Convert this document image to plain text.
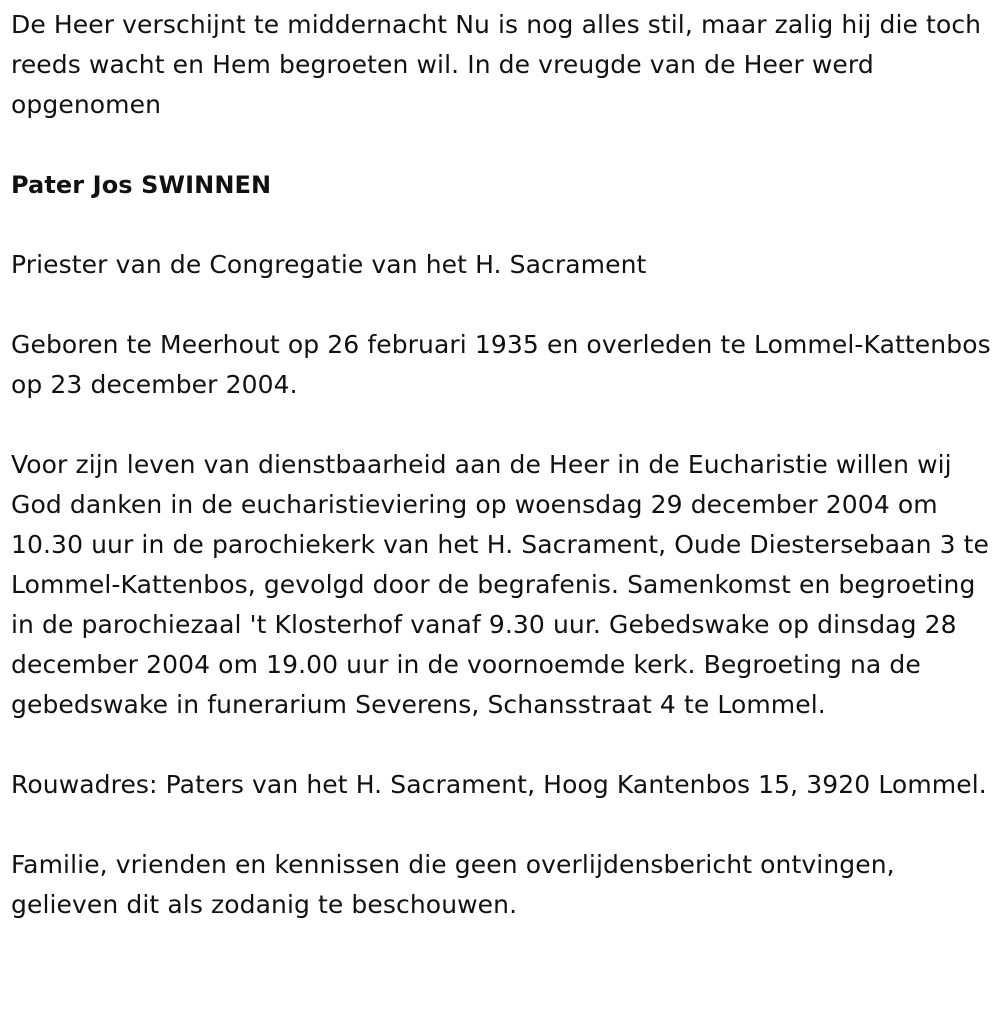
De Heer verschijnt te middernacht Nu is nog alles stil, maar zalig hij die toch reeds wacht en Hem begroeten wil. In de vreugde van de Heer werd opgenomen

Pater Jos SWINNEN

Priester van de Congregatie van het H. Sacrament

Geboren te Meerhout op 26 februari 1935 en overleden te Lommel-Kattenbos op 23 december 2004.

Voor zijn leven van dienstbaarheid aan de Heer in de Eucharistie willen wij God danken in de eucharistieviering op woensdag 29 december 2004 om 10.30 uur in de parochiekerk van het H. Sacrament, Oude Diestersebaan 3 te Lommel-Kattenbos, gevolgd door de begrafenis. Samenkomst en begroeting in de parochiezaal 't Klosterhof vanaf 9.30 uur. Gebedswake op dinsdag 28 december 2004 om 19.00 uur in de voornoemde kerk. Begroeting na de gebedswake in funerarium Severens, Schansstraat 4 te Lommel.

Rouwadres: Paters van het H. Sacrament, Hoog Kantenbos 15, 3920 Lommel.

Familie, vrienden en kennissen die geen overlijdensbericht ontvingen, gelieven dit als zodanig te beschouwen.
